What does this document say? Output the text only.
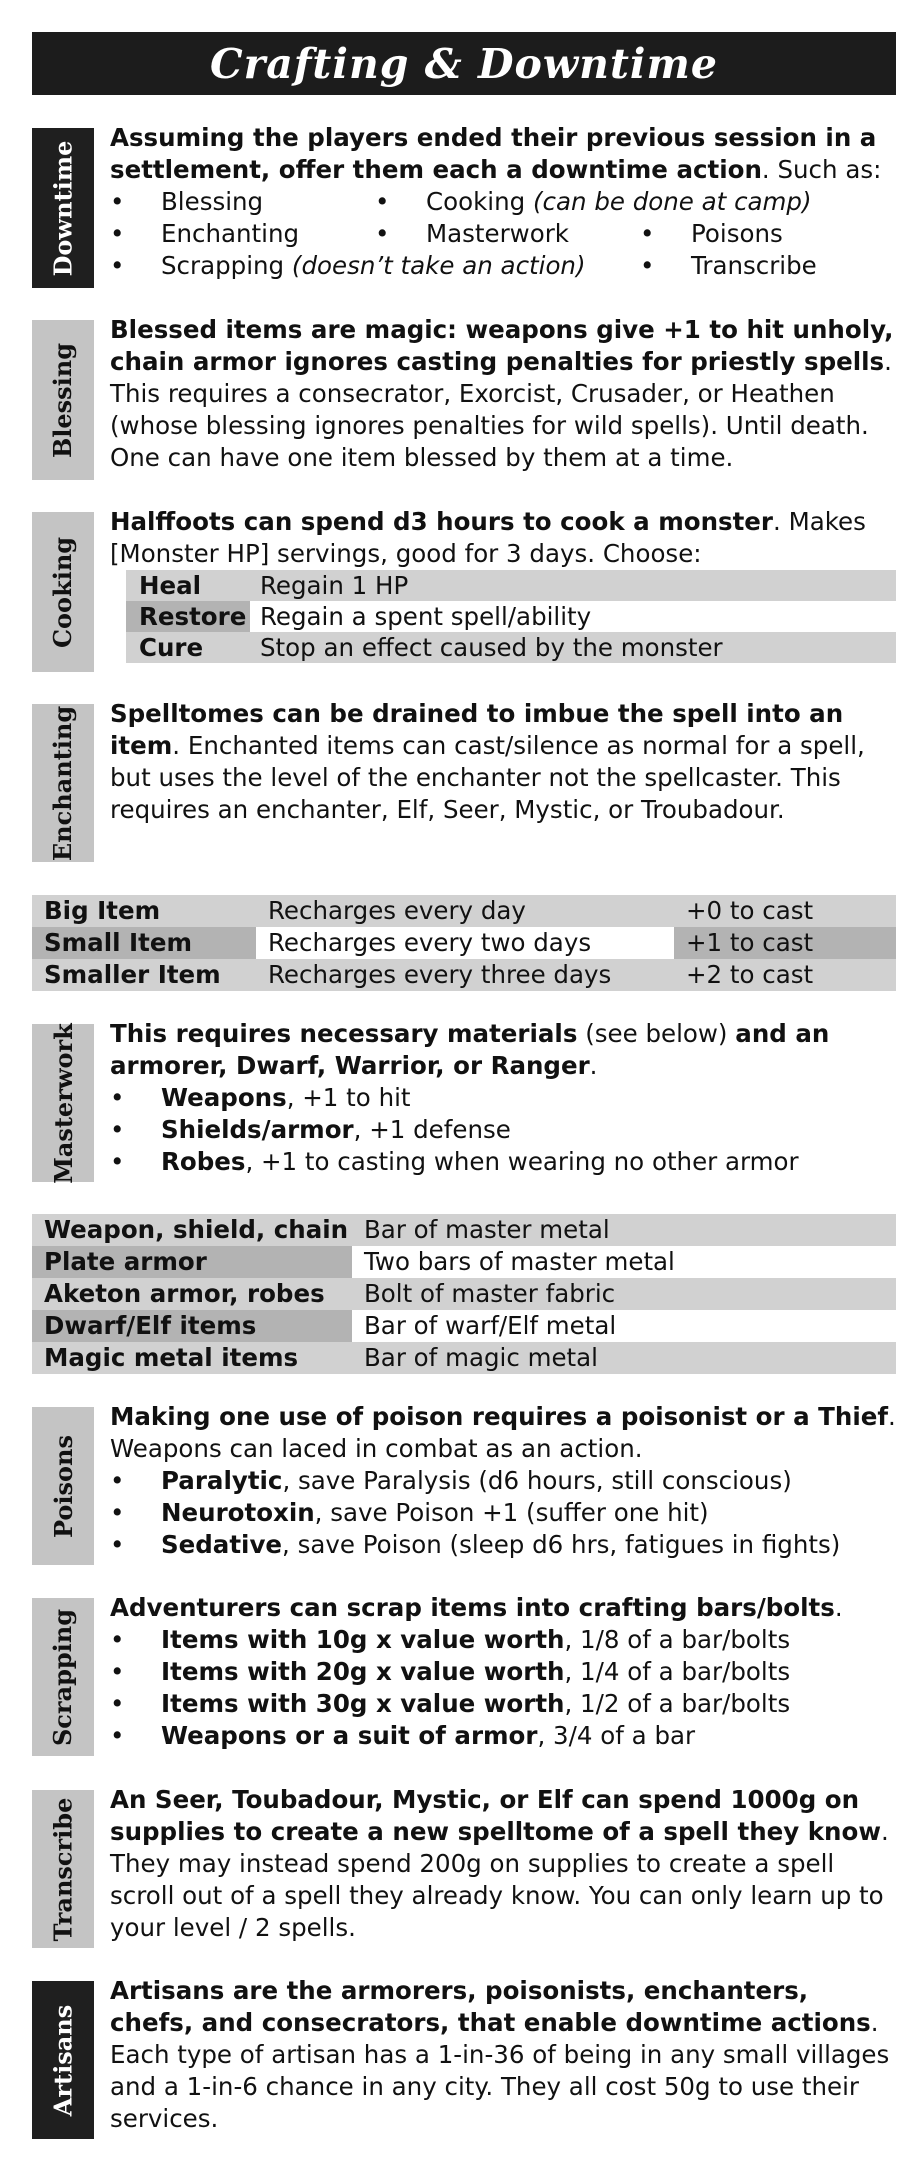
Crafting & Downtime
Downtime

Assuming the players ended their previous session in a settlement, offer them each a downtime action. Such as:

• Blessing	• Cooking (can be done at camp)
• Enchanting	• Masterwork	• Poisons
• Scrapping (doesn’t take an action)	• Transcribe
Blessing

Blessed items are magic: weapons give +1 to hit unholy, chain armor ignores casting penalties for priestly spells. This requires a consecrator, Exorcist, Crusader, or Heathen (whose blessing ignores penalties for wild spells). Until death. One can have one item blessed by them at a time.

Cooking

Halffoots can spend d3 hours to cook a monster. Makes [Monster HP] servings, good for 3 days. Choose:

Heal	Regain 1 HP
Restore Regain a spent spell/ability
Cure	Stop an effect caused by the monster
Enchanting Spelltomes can be drained to imbue the spell into an item. Enchanted items can cast/silence as normal for a spell, but uses the level of the enchanter not the spellcaster. This requires an enchanter, Elf, Seer, Mystic, or Troubadour.

Big Item	Recharges every day	+0 to cast
Small Item	Recharges every two days	+1 to cast
Smaller Item	Recharges every three days	+2 to cast
Masterwork This requires necessary materials (see below) and an armorer, Dwarf, Warrior, or Ranger.

• Weapons, +1 to hit
• Shields/armor, +1 defense
• Robes, +1 to casting when wearing no other armor
Weapon, shield, chain Bar of master metal
Plate armor	Two bars of master metal
Aketon armor, robes	Bolt of master fabric
Dwarf/Elf items	Bar of warf/Elf metal
Magic metal items	Bar of magic metal
Poisons

Making one use of poison requires a poisonist or a Thief. Weapons can laced in combat as an action.

• Paralytic, save Paralysis (d6 hours, still conscious)
• Neurotoxin, save Poison +1 (suffer one hit)
• Sedative, save Poison (sleep d6 hrs, fatigues in fights)
Scrapping

Adventurers can scrap items into crafting bars/bolts.

• Items with 10g x value worth, 1/8 of a bar/bolts
• Items with 20g x value worth, 1/4 of a bar/bolts
• Items with 30g x value worth, 1/2 of a bar/bolts
• Weapons or a suit of armor, 3/4 of a bar
Transcribe An Seer, Toubadour, Mystic, or Elf can spend 1000g on supplies to create a new spelltome of a spell they know. They may instead spend 200g on supplies to create a spell scroll out of a spell they already know. You can only learn up to your level / 2 spells.

Artisans

Artisans are the armorers, poisonists, enchanters, chefs, and consecrators, that enable downtime actions. Each type of artisan has a 1-in-36 of being in any small villages and a 1-in-6 chance in any city. They all cost 50g to use their services.
